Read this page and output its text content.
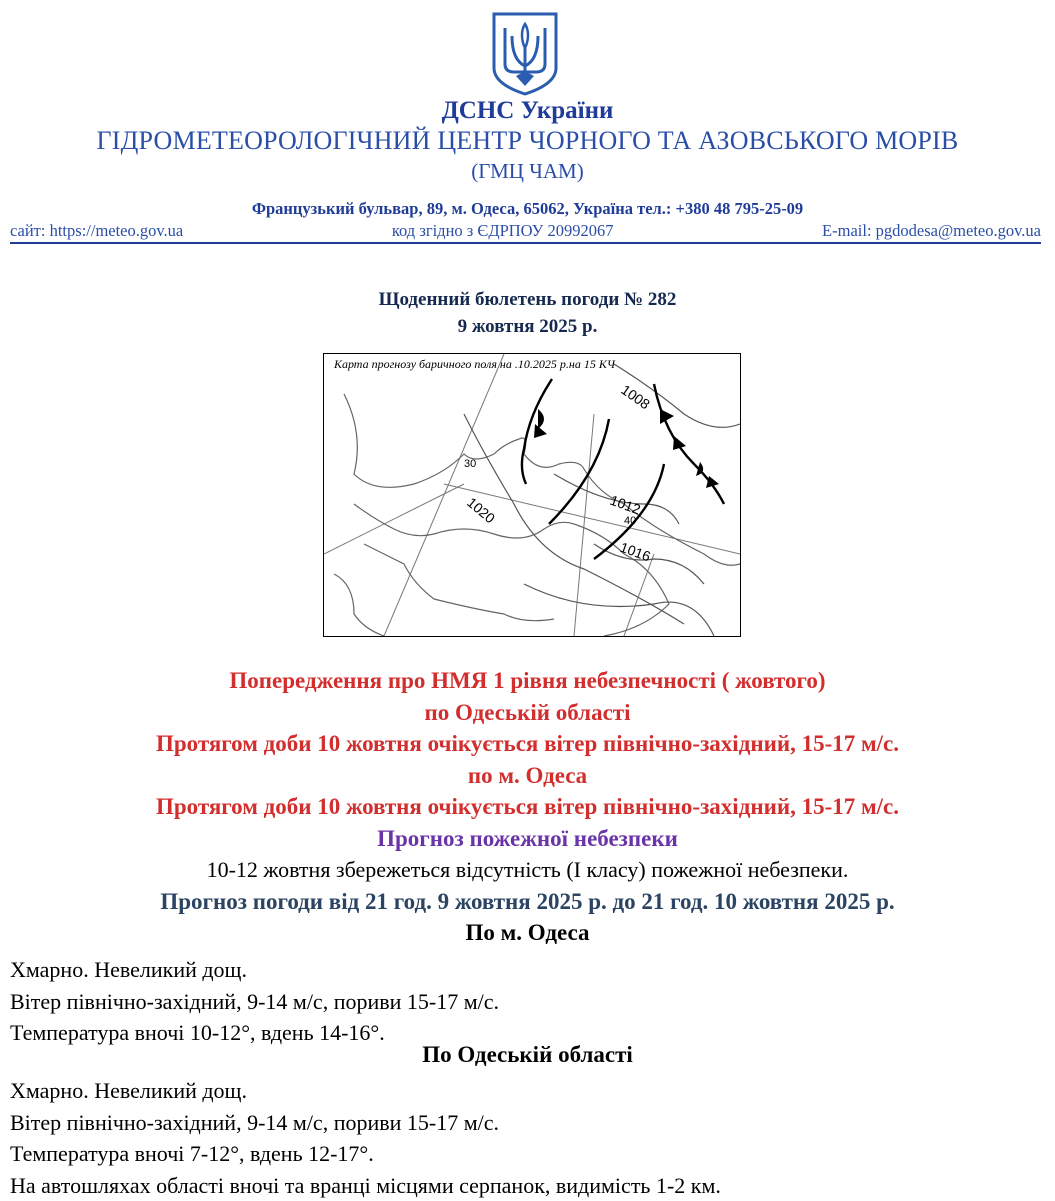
ДСНС України
ГІДРОМЕТЕОРОЛОГІЧНИЙ ЦЕНТР ЧОРНОГО ТА АЗОВСЬКОГО МОРІВ
(ГМЦ ЧАМ)
Французький бульвар, 89, м. Одеса, 65062, Україна тел.: +380 48 795-25-09
сайт: https://meteo.gov.ua	код згідно з ЄДРПОУ 20992067	E-mail: pgdodesa@meteo.gov.ua
Щоденний бюлетень погоди № 282
9 жовтня 2025 р.
1008
1020	1012
1016
30
40
Карта прогнозу баричного поля на .10.2025 р.на 15 КЧ
Попередження про НМЯ 1 рівня небезпечності ( жовтого)
по Одеській області
Протягом доби 10 жовтня очікується вітер північно-західний, 15-17 м/с.
по м. Одеса
Протягом доби 10 жовтня очікується вітер північно-західний, 15-17 м/с.
Прогноз пожежної небезпеки
10-12 жовтня збережеться відсутність (І класу) пожежної небезпеки.
Прогноз погоди від 21 год. 9 жовтня 2025 р. до 21 год. 10 жовтня 2025 р.
По м. Одеса
Хмарно. Невеликий дощ.
Вітер північно-західний, 9-14 м/с, пориви 15-17 м/с.
Температура вночі 10-12°, вдень 14-16°.
По Одеській області
Хмарно. Невеликий дощ.
Вітер північно-західний, 9-14 м/с, пориви 15-17 м/с.
Температура вночі 7-12°, вдень 12-17°.
На автошляхах області вночі та вранці місцями серпанок, видимість 1-2 км.
